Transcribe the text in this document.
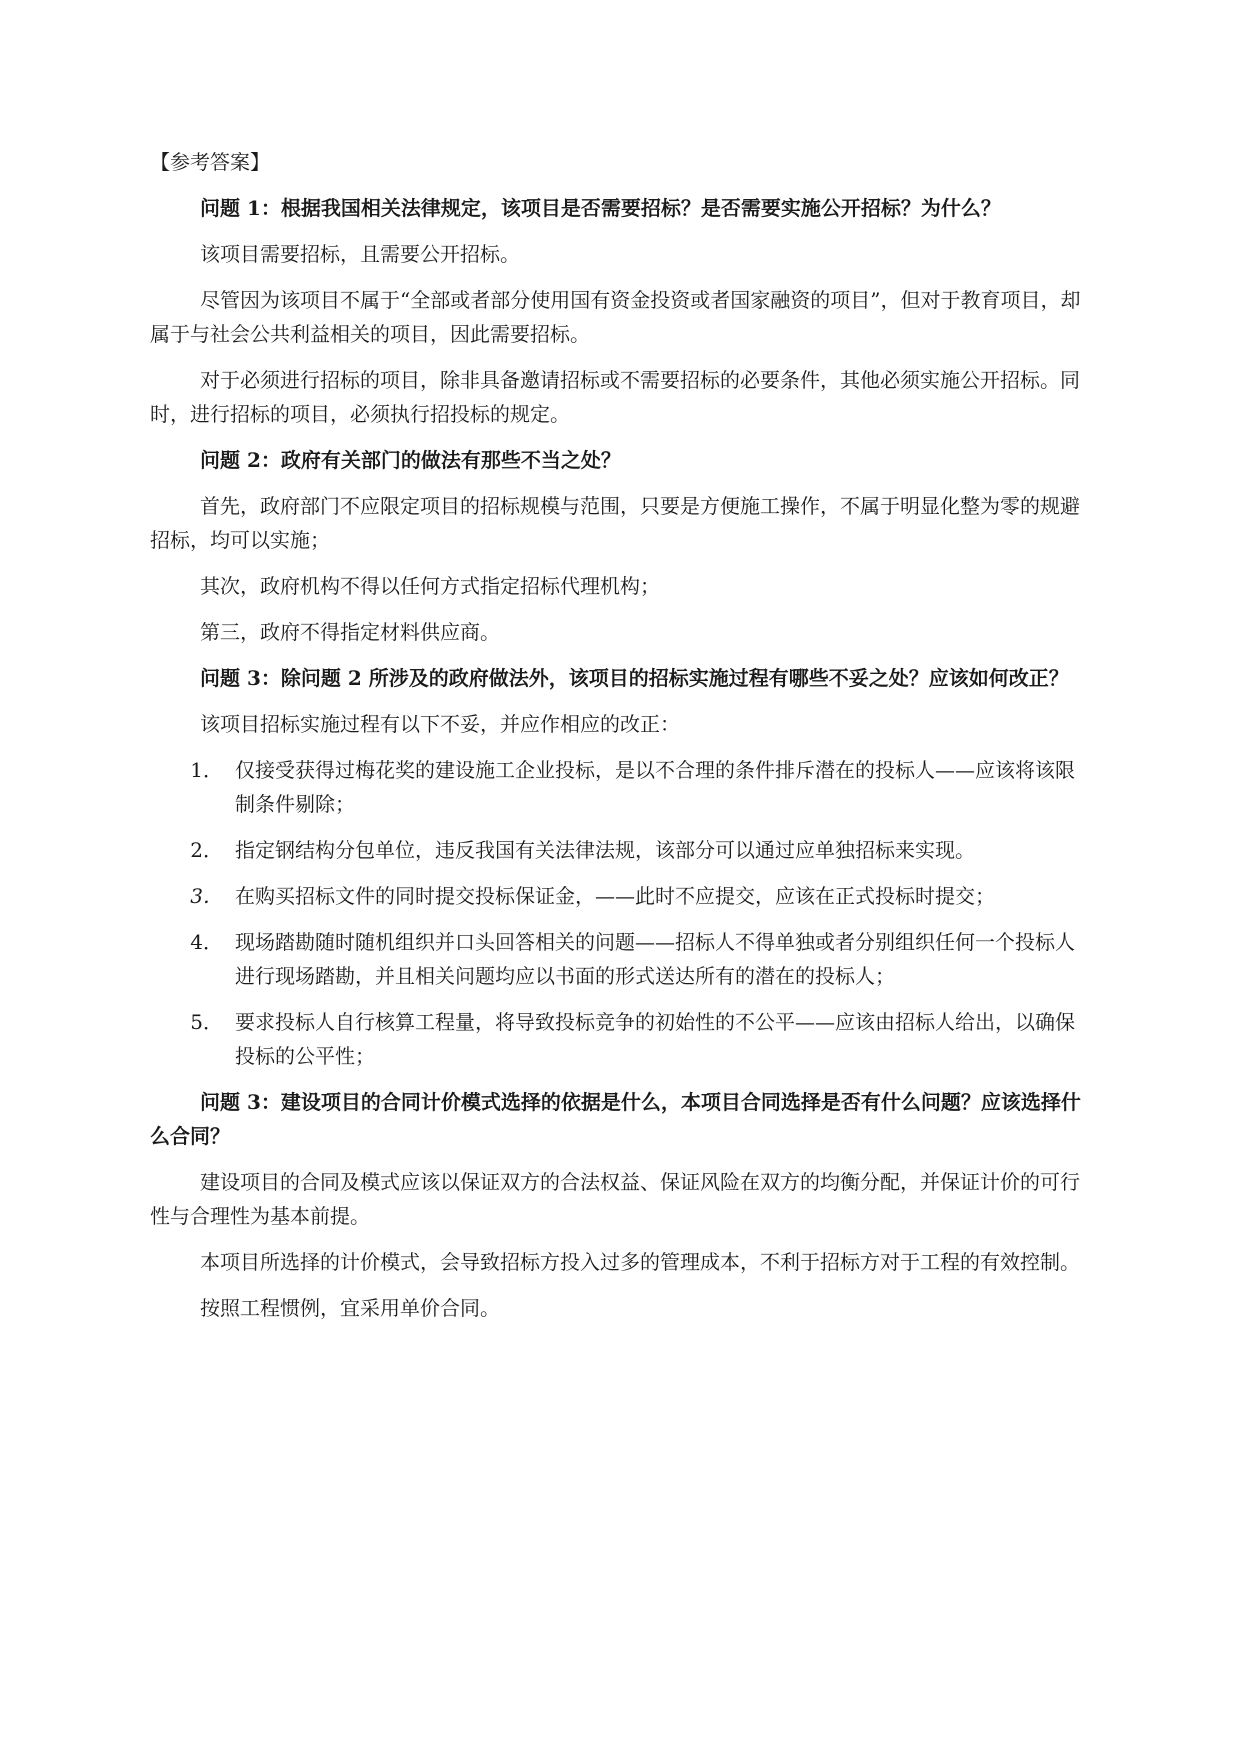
【参考答案】

问题 1：根据我国相关法律规定，该项目是否需要招标？是否需要实施公开招标？为什么？

该项目需要招标，且需要公开招标。

尽管因为该项目不属于“全部或者部分使用国有资金投资或者国家融资的项目”，但对于教育项目，却属于与社会公共利益相关的项目，因此需要招标。

对于必须进行招标的项目，除非具备邀请招标或不需要招标的必要条件，其他必须实施公开招标。同时，进行招标的项目，必须执行招投标的规定。

问题 2：政府有关部门的做法有那些不当之处？

首先，政府部门不应限定项目的招标规模与范围，只要是方便施工操作，不属于明显化整为零的规避招标，均可以实施；

其次，政府机构不得以任何方式指定招标代理机构；

第三，政府不得指定材料供应商。

问题 3：除问题 2 所涉及的政府做法外，该项目的招标实施过程有哪些不妥之处？应该如何改正？

该项目招标实施过程有以下不妥，并应作相应的改正：

1． 仅接受获得过梅花奖的建设施工企业投标，是以不合理的条件排斥潜在的投标人——应该将该限制条件剔除；
2． 指定钢结构分包单位，违反我国有关法律法规，该部分可以通过应单独招标来实现。
3． 在购买招标文件的同时提交投标保证金，——此时不应提交，应该在正式投标时提交；
4． 现场踏勘随时随机组织并口头回答相关的问题——招标人不得单独或者分别组织任何一个投标人进行现场踏勘，并且相关问题均应以书面的形式送达所有的潜在的投标人；
5． 要求投标人自行核算工程量，将导致投标竞争的初始性的不公平——应该由招标人给出，以确保投标的公平性；

问题 3：建设项目的合同计价模式选择的依据是什么，本项目合同选择是否有什么问题？应该选择什么合同？

建设项目的合同及模式应该以保证双方的合法权益、保证风险在双方的均衡分配，并保证计价的可行性与合理性为基本前提。

本项目所选择的计价模式，会导致招标方投入过多的管理成本，不利于招标方对于工程的有效控制。

按照工程惯例，宜采用单价合同。
